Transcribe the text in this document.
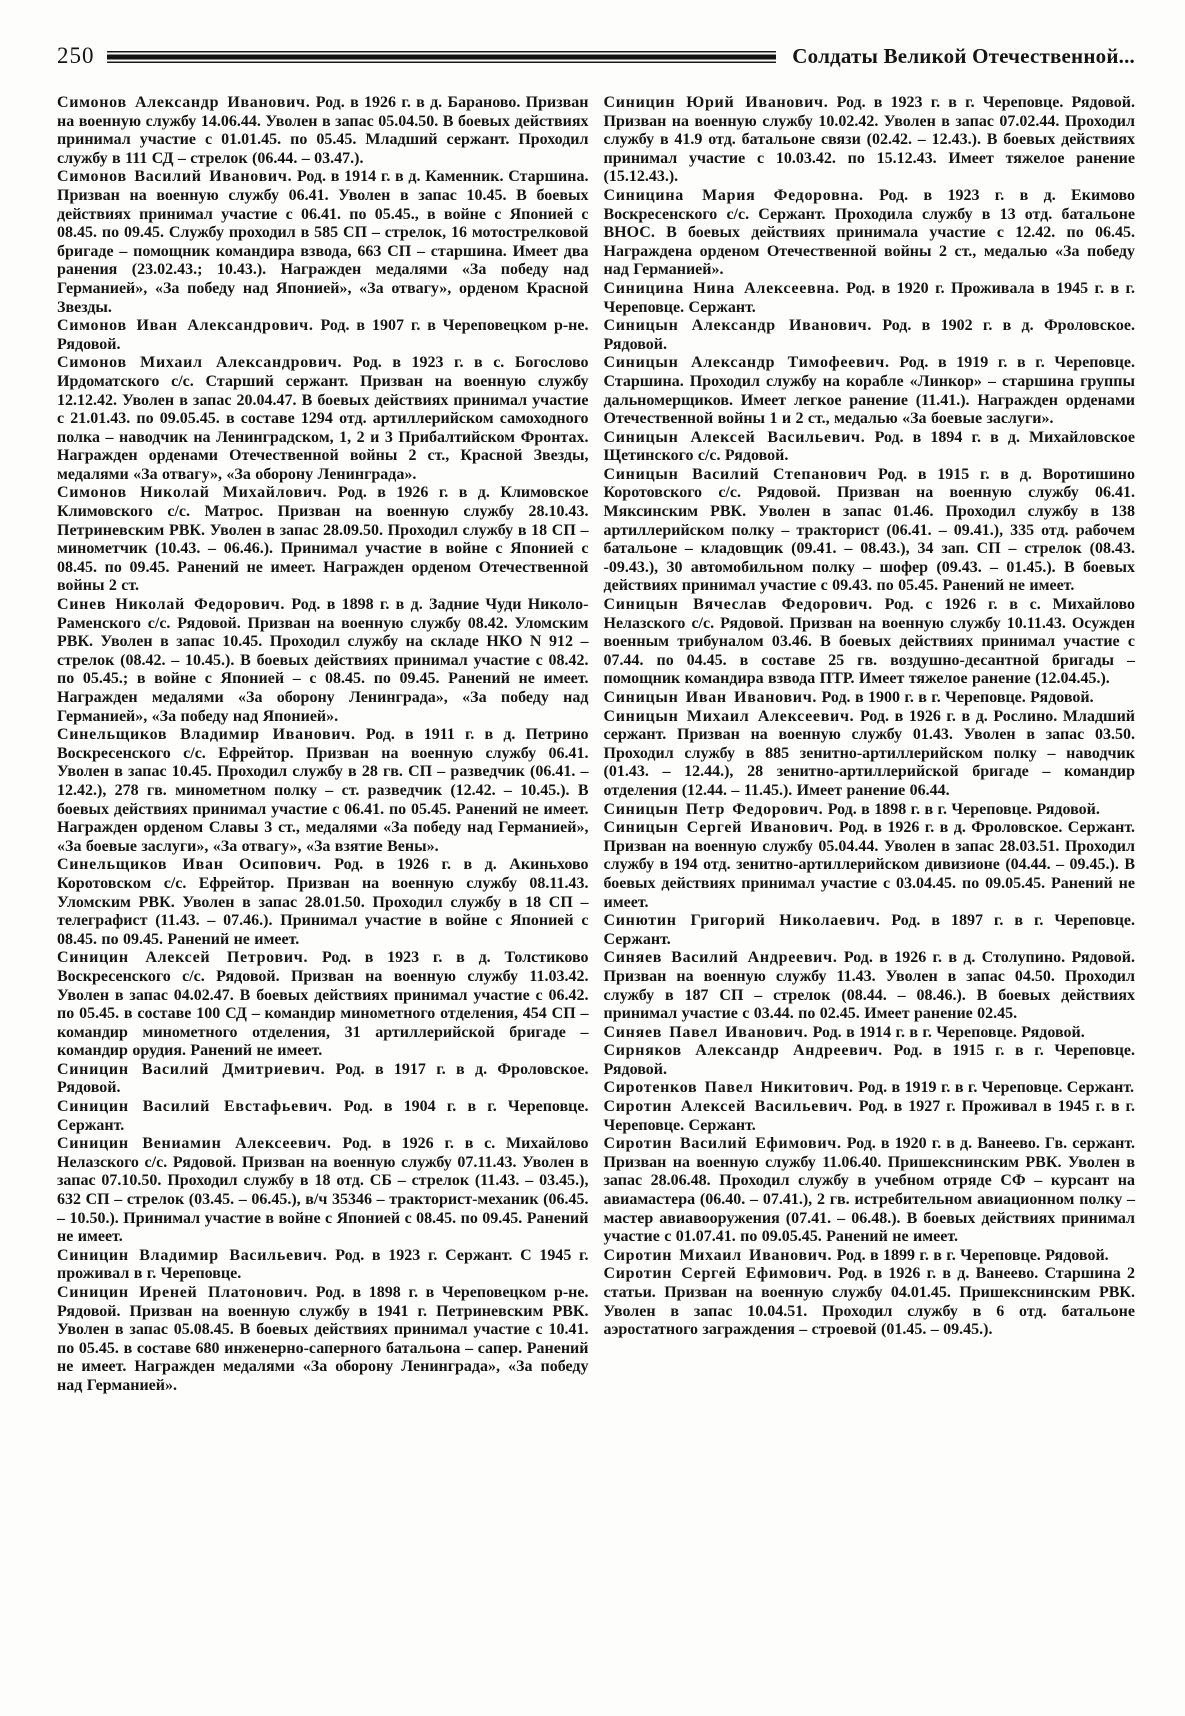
250	Солдаты Великой Отечественной...

Симонов Александр Иванович. Род. в 1926 г. в д. Бараново. Призван на военную службу 14.06.44. Уволен в запас 05.04.50. В боевых действиях принимал участие с 01.01.45. по 05.45. Младший сержант. Проходил службу в 111 СД – стрелок (06.44. – 03.47.).

Симонов Василий Иванович. Род. в 1914 г. в д. Каменник. Старшина. Призван на военную службу 06.41. Уволен в запас 10.45. В боевых действиях принимал участие с 06.41. по 05.45., в войне с Японией с 08.45. по 09.45. Службу проходил в 585 СП – стрелок, 16 мотострелковой бригаде – помощник командира взвода, 663 СП – старшина. Имеет два ранения (23.02.43.; 10.43.). Награжден медалями «За победу над Германией», «За победу над Японией», «За отвагу», орденом Красной Звезды.

Симонов Иван Александрович. Род. в 1907 г. в Череповецком р-не. Рядовой.

Симонов Михаил Александрович. Род. в 1923 г. в с. Богослово Ирдоматского с/с. Старший сержант. Призван на военную службу 12.12.42. Уволен в запас 20.04.47. В боевых действиях принимал участие с 21.01.43. по 09.05.45. в составе 1294 отд. артиллерийском самоходного полка – наводчик на Ленинградском, 1, 2 и 3 Прибалтийском Фронтах. Награжден орденами Отечественной войны 2 ст., Красной Звезды, медалями «За отвагу», «За оборону Ленинграда».

Симонов Николай Михайлович. Род. в 1926 г. в д. Климовское Климовского с/с. Матрос. Призван на военную службу 28.10.43. Петриневским РВК. Уволен в запас 28.09.50. Проходил службу в 18 СП – минометчик (10.43. – 06.46.). Принимал участие в войне с Японией с 08.45. по 09.45. Ранений не имеет. Награжден орденом Отечественной войны 2 ст.

Синев Николай Федорович. Род. в 1898 г. в д. Задние Чуди Николо-Раменского с/с. Рядовой. Призван на военную службу 08.42. Уломским РВК. Уволен в запас 10.45. Проходил службу на складе НКО N 912 – стрелок (08.42. – 10.45.). В боевых действиях принимал участие с 08.42. по 05.45.; в войне с Японией – с 08.45. по 09.45. Ранений не имеет. Награжден медалями «За оборону Ленинграда», «За победу над Германией», «За победу над Японией».

Синельщиков Владимир Иванович. Род. в 1911 г. в д. Петрино Воскресенского с/с. Ефрейтор. Призван на военную службу 06.41. Уволен в запас 10.45. Проходил службу в 28 гв. СП – разведчик (06.41. – 12.42.), 278 гв. минометном полку – ст. разведчик (12.42. – 10.45.). В боевых действиях принимал участие с 06.41. по 05.45. Ранений не имеет. Награжден орденом Славы 3 ст., медалями «За победу над Германией», «За боевые заслуги», «За отвагу», «За взятие Вены».

Синельщиков Иван Осипович. Род. в 1926 г. в д. Акиньхово Коротовском с/с. Ефрейтор. Призван на военную службу 08.11.43. Уломским РВК. Уволен в запас 28.01.50. Проходил службу в 18 СП – телеграфист (11.43. – 07.46.). Принимал участие в войне с Японией с 08.45. по 09.45. Ранений не имеет.

Синицин Алексей Петрович. Род. в 1923 г. в д. Толстиково Воскресенского с/с. Рядовой. Призван на военную службу 11.03.42. Уволен в запас 04.02.47. В боевых действиях принимал участие с 06.42. по 05.45. в составе 100 СД – командир минометного отделения, 454 СП – командир минометного отделения, 31 артиллерийской бригаде – командир орудия. Ранений не имеет.

Синицин Василий Дмитриевич. Род. в 1917 г. в д. Фроловское. Рядовой.

Синицин Василий Евстафьевич. Род. в 1904 г. в г. Череповце. Сержант.

Синицин Вениамин Алексеевич. Род. в 1926 г. в с. Михайлово Нелазского с/с. Рядовой. Призван на военную службу 07.11.43. Уволен в запас 07.10.50. Проходил службу в 18 отд. СБ – стрелок (11.43. – 03.45.), 632 СП – стрелок (03.45. – 06.45.), в/ч 35346 – тракторист-механик (06.45. – 10.50.). Принимал участие в войне с Японией с 08.45. по 09.45. Ранений не имеет.

Синицин Владимир Васильевич. Род. в 1923 г. Сержант. С 1945 г. проживал в г. Череповце.

Синицин Иреней Платонович. Род. в 1898 г. в Череповецком р-не. Рядовой. Призван на военную службу в 1941 г. Петриневским РВК. Уволен в запас 05.08.45. В боевых действиях принимал участие с 10.41. по 05.45. в составе 680 инженерно-саперного батальона – сапер. Ранений не имеет. Награжден медалями «За оборону Ленинграда», «За победу над Германией».

Синицин Юрий Иванович. Род. в 1923 г. в г. Череповце. Рядовой. Призван на военную службу 10.02.42. Уволен в запас 07.02.44. Проходил службу в 41.9 отд. батальоне связи (02.42. – 12.43.). В боевых действиях принимал участие с 10.03.42. по 15.12.43. Имеет тяжелое ранение (15.12.43.).

Синицина Мария Федоровна. Род. в 1923 г. в д. Екимово Воскресенского с/с. Сержант. Проходила службу в 13 отд. батальоне ВНОС. В боевых действиях принимала участие с 12.42. по 06.45. Награждена орденом Отечественной войны 2 ст., медалью «За победу над Германией».

Синицина Нина Алексеевна. Род. в 1920 г. Проживала в 1945 г. в г. Череповце. Сержант.

Синицын Александр Иванович. Род. в 1902 г. в д. Фроловское. Рядовой.

Синицын Александр Тимофеевич. Род. в 1919 г. в г. Череповце. Старшина. Проходил службу на корабле «Линкор» – старшина группы дальномерщиков. Имеет легкое ранение (11.41.). Награжден орденами Отечественной войны 1 и 2 ст., медалью «За боевые заслуги».

Синицын Алексей Васильевич. Род. в 1894 г. в д. Михайловское Щетинского с/с. Рядовой.

Синицын Василий Степанович Род. в 1915 г. в д. Воротишино Коротовского с/с. Рядовой. Призван на военную службу 06.41. Мяксинским РВК. Уволен в запас 01.46. Проходил службу в 138 артиллерийском полку – тракторист (06.41. – 09.41.), 335 отд. рабочем батальоне – кладовщик (09.41. – 08.43.), 34 зап. СП – стрелок (08.43. -09.43.), 30 автомобильном полку – шофер (09.43. – 01.45.). В боевых действиях принимал участие с 09.43. по 05.45. Ранений не имеет.

Синицын Вячеслав Федорович. Род. с 1926 г. в с. Михайлово Нелазского с/с. Рядовой. Призван на военную службу 10.11.43. Осужден военным трибуналом 03.46. В боевых действиях принимал участие с 07.44. по 04.45. в составе 25 гв. воздушно-десантной бригады – помощник командира взвода ПТР. Имеет тяжелое ранение (12.04.45.).

Синицын Иван Иванович. Род. в 1900 г. в г. Череповце. Рядовой.

Синицын Михаил Алексеевич. Род. в 1926 г. в д. Рослино. Младший сержант. Призван на военную службу 01.43. Уволен в запас 03.50. Проходил службу в 885 зенитно-артиллерийском полку – наводчик (01.43. – 12.44.), 28 зенитно-артиллерийской бригаде – командир отделения (12.44. – 11.45.). Имеет ранение 06.44.

Синицын Петр Федорович. Род. в 1898 г. в г. Череповце. Рядовой.

Синицын Сергей Иванович. Род. в 1926 г. в д. Фроловское. Сержант. Призван на военную службу 05.04.44. Уволен в запас 28.03.51. Проходил службу в 194 отд. зенитно-артиллерийском дивизионе (04.44. – 09.45.). В боевых действиях принимал участие с 03.04.45. по 09.05.45. Ранений не имеет.

Синютин Григорий Николаевич. Род. в 1897 г. в г. Череповце. Сержант.

Синяев Василий Андреевич. Род. в 1926 г. в д. Столупино. Рядовой. Призван на военную службу 11.43. Уволен в запас 04.50. Проходил службу в 187 СП – стрелок (08.44. – 08.46.). В боевых действиях принимал участие с 03.44. по 02.45. Имеет ранение 02.45.

Синяев Павел Иванович. Род. в 1914 г. в г. Череповце. Рядовой.

Сирняков Александр Андреевич. Род. в 1915 г. в г. Череповце. Рядовой.

Сиротенков Павел Никитович. Род. в 1919 г. в г. Череповце. Сержант.

Сиротин Алексей Васильевич. Род. в 1927 г. Проживал в 1945 г. в г. Череповце. Сержант.

Сиротин Василий Ефимович. Род. в 1920 г. в д. Ванеево. Гв. сержант. Призван на военную службу 11.06.40. Пришекснинским РВК. Уволен в запас 28.06.48. Проходил службу в учебном отряде СФ – курсант на авиамастера (06.40. – 07.41.), 2 гв. истребительном авиационном полку – мастер авиавооружения (07.41. – 06.48.). В боевых действиях принимал участие с 01.07.41. по 09.05.45. Ранений не имеет.

Сиротин Михаил Иванович. Род. в 1899 г. в г. Череповце. Рядовой.

Сиротин Сергей Ефимович. Род. в 1926 г. в д. Ванеево. Старшина 2 статьи. Призван на военную службу 04.01.45. Пришекснинским РВК. Уволен в запас 10.04.51. Проходил службу в 6 отд. батальоне аэростатного заграждения – строевой (01.45. – 09.45.).
